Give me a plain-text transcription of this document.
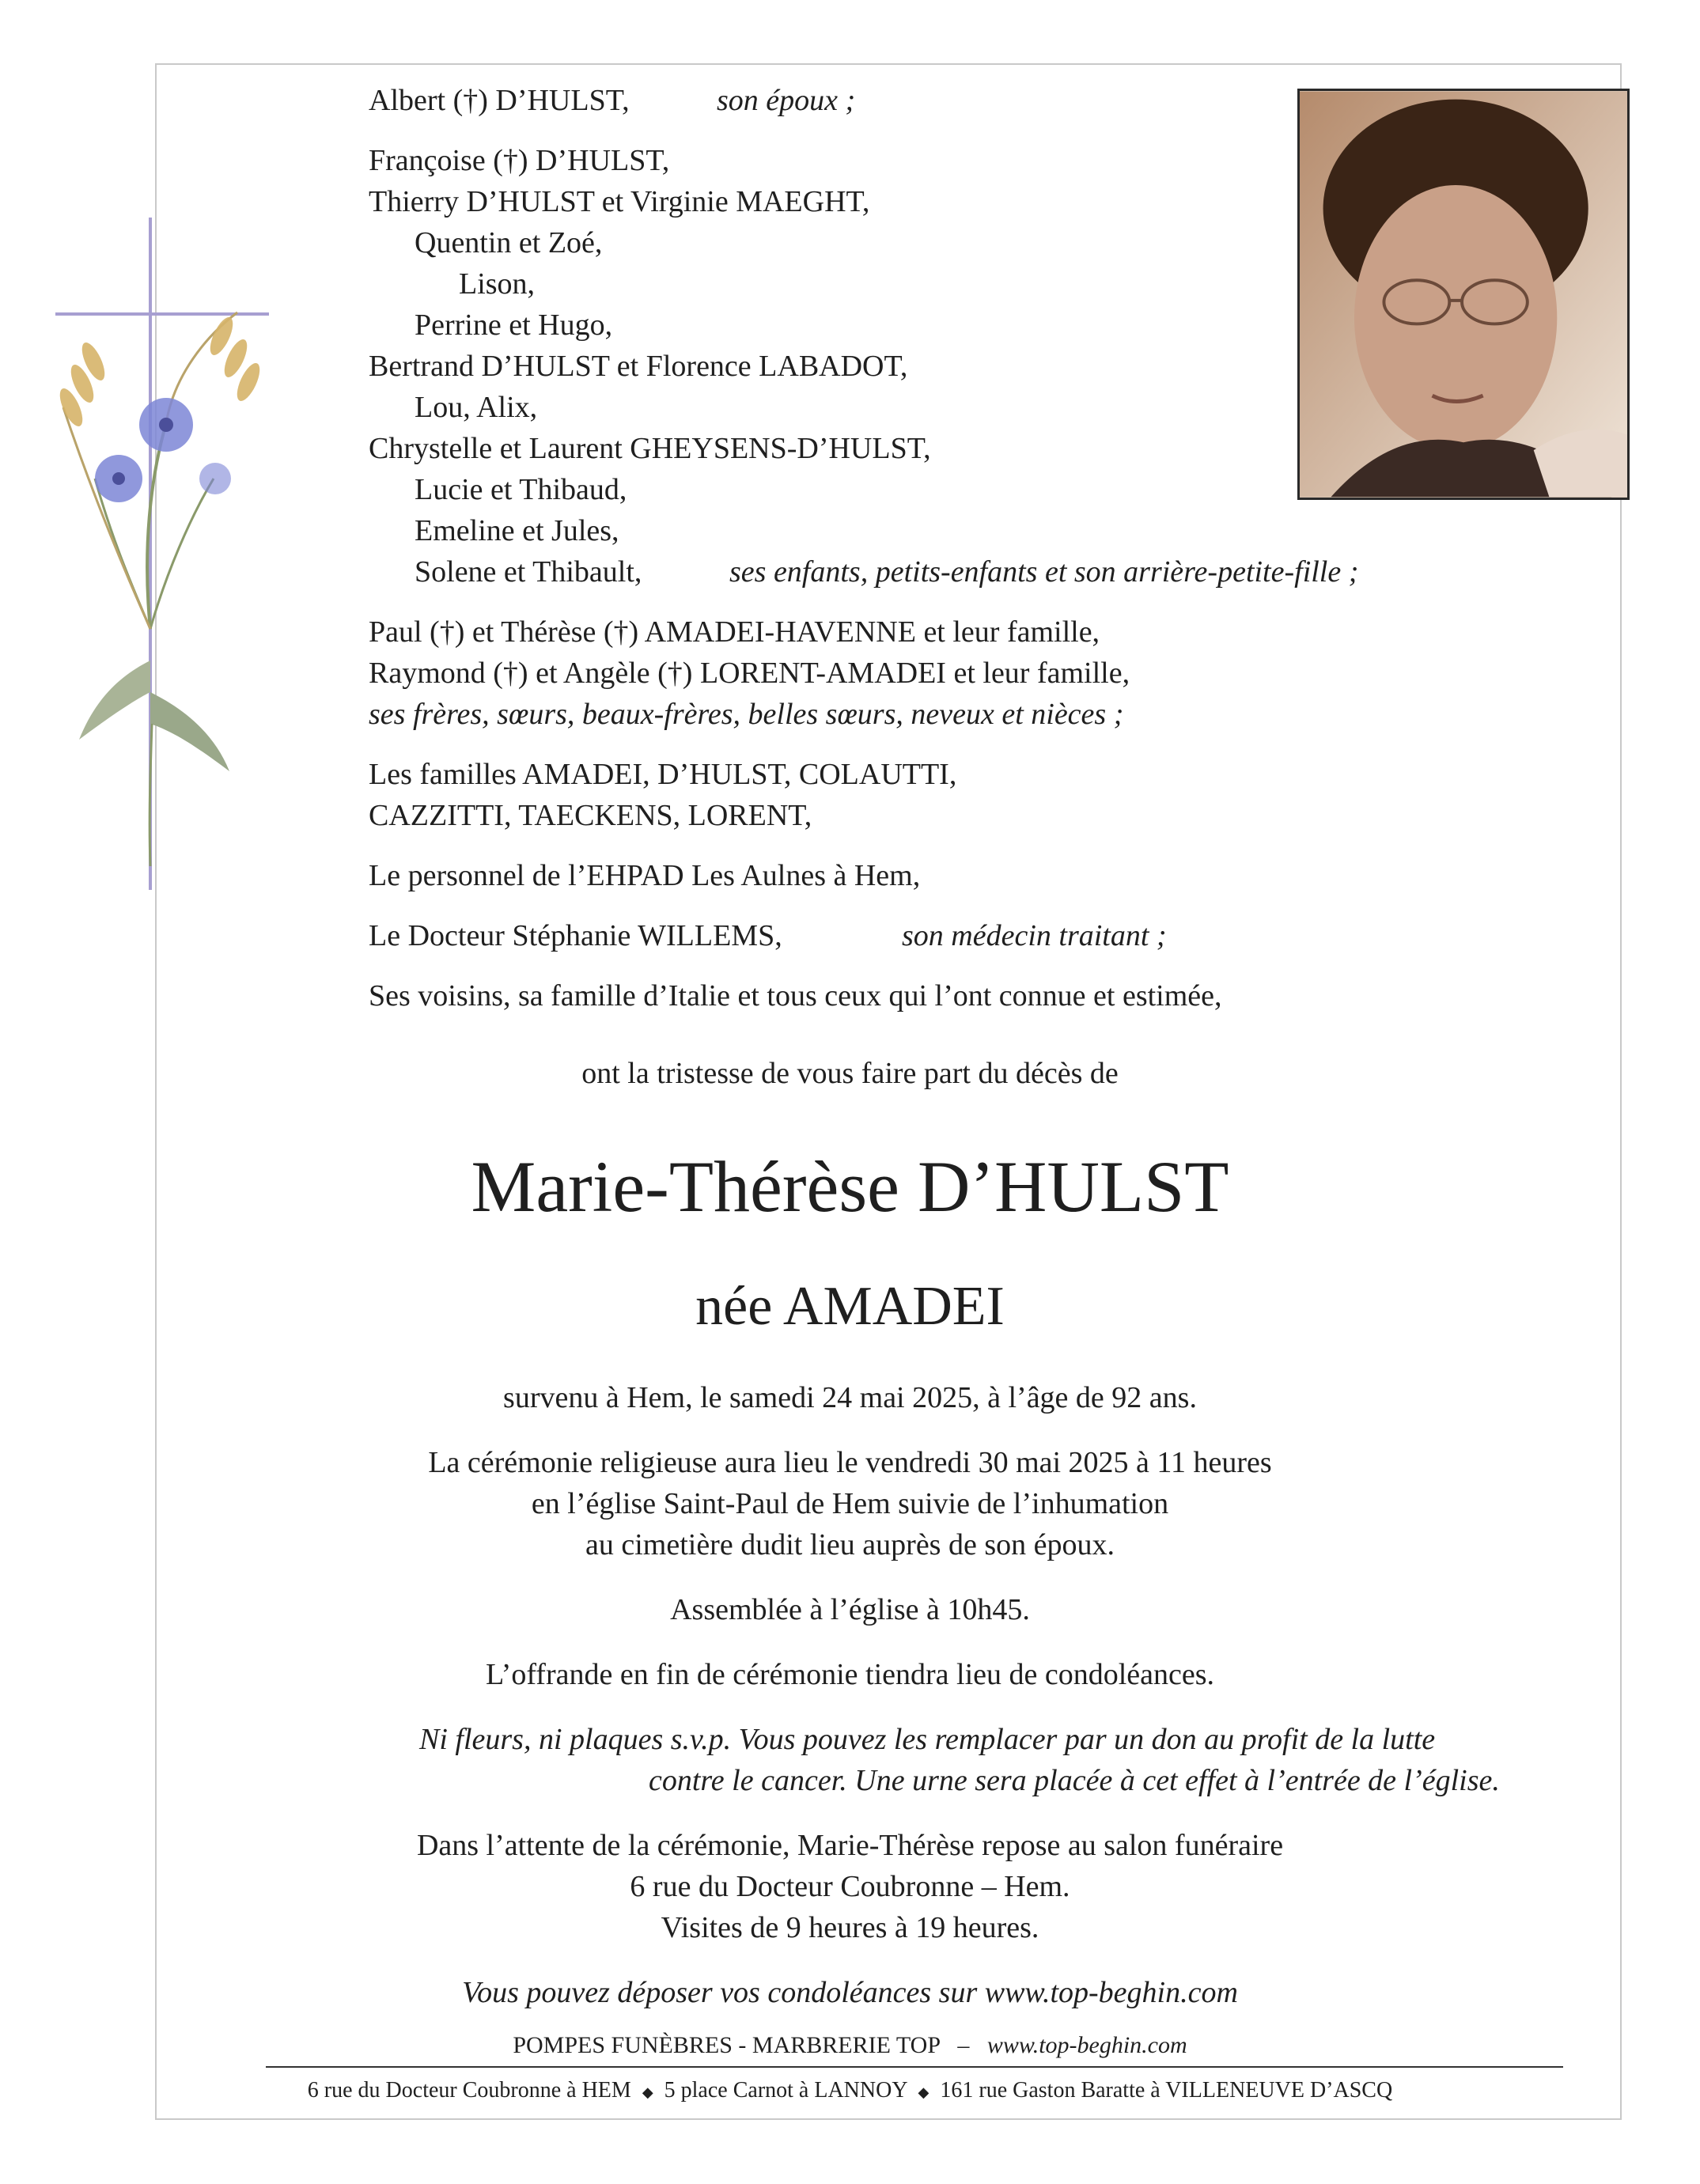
Albert (†) D’HULST,	son époux ;
Françoise (†) D’HULST,
Thierry D’HULST et Virginie MAEGHT,
Quentin et Zoé,
Lison,
Perrine et Hugo,
Bertrand D’HULST et Florence LABADOT,
Lou, Alix,
Chrystelle et Laurent GHEYSENS-D’HULST,
Lucie et Thibaud,
Emeline et Jules,
Solene et Thibault,	ses enfants, petits-enfants et son arrière-petite-fille ;
Paul (†) et Thérèse (†) AMADEI-HAVENNE et leur famille,
Raymond (†) et Angèle (†) LORENT-AMADEI et leur famille,
ses frères, sœurs, beaux-frères, belles sœurs, neveux et nièces ;
Les familles AMADEI, D’HULST, COLAUTTI,
CAZZITTI, TAECKENS, LORENT,
Le personnel de l’EHPAD Les Aulnes à Hem,
Le Docteur Stéphanie WILLEMS,	son médecin traitant ;
Ses voisins, sa famille d’Italie et tous ceux qui l’ont connue et estimée,
ont la tristesse de vous faire part du décès de
Marie-Thérèse D’HULST
née AMADEI
survenu à Hem, le samedi 24 mai 2025, à l’âge de 92 ans.
La cérémonie religieuse aura lieu le vendredi 30 mai 2025 à 11 heures
en l’église Saint-Paul de Hem suivie de l’inhumation
au cimetière dudit lieu auprès de son époux.
Assemblée à l’église à 10h45.
L’offrande en fin de cérémonie tiendra lieu de condoléances.
Ni fleurs, ni plaques s.v.p. Vous pouvez les remplacer par un don au profit de la lutte
contre le cancer. Une urne sera placée à cet effet à l’entrée de l’église.
Dans l’attente de la cérémonie, Marie-Thérèse repose au salon funéraire
6 rue du Docteur Coubronne – Hem.
Visites de 9 heures à 19 heures.
Vous pouvez déposer vos condoléances sur www.top-beghin.com
POMPES FUNÈBRES - MARBRERIE TOP – www.top-beghin.com
6 rue du Docteur Coubronne à HEM ◆ 5 place Carnot à LANNOY ◆ 161 rue Gaston Baratte à VILLENEUVE D’ASCQ
